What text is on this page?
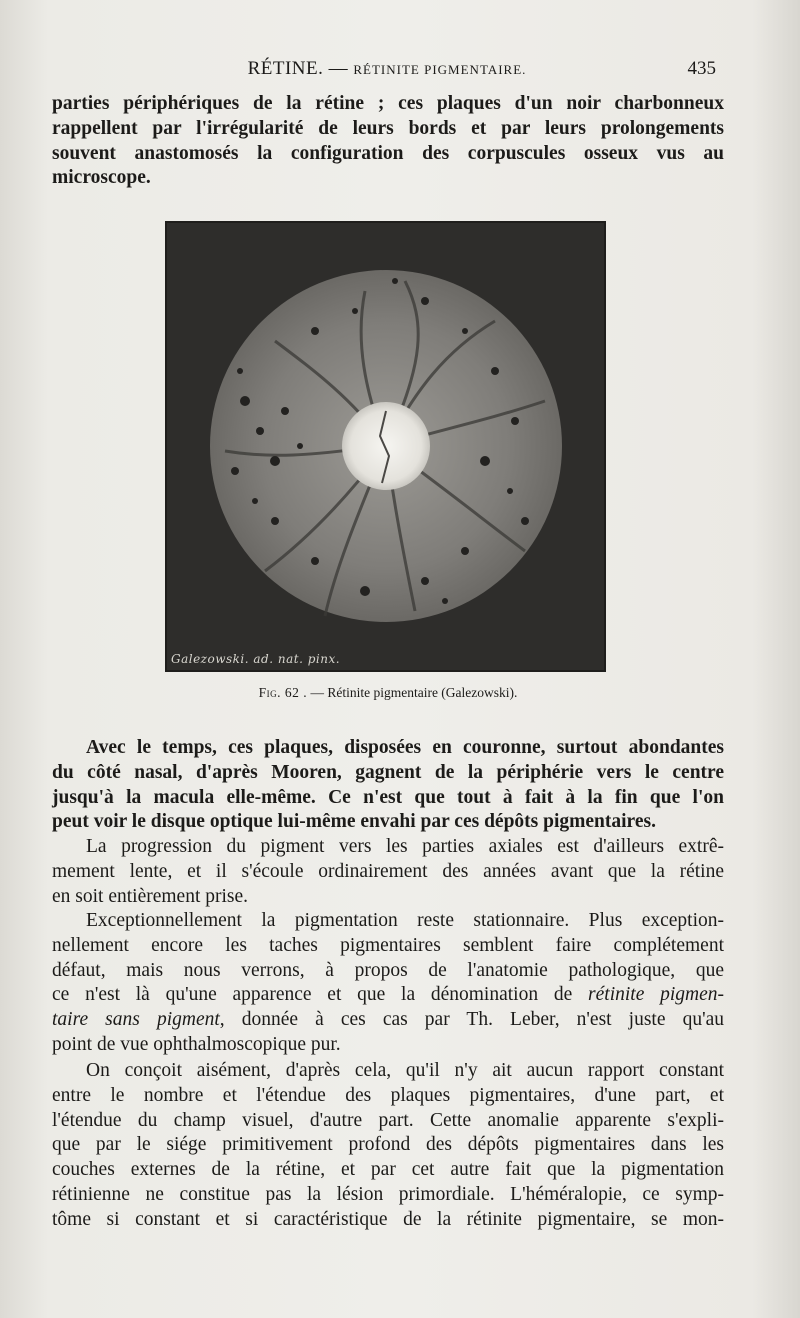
RÉTINE. — RÉTINITE PIGMENTAIRE.	435
parties périphériques de la rétine ; ces plaques d'un noir charbonneux
rappellent par l'irrégularité de leurs bords et par leurs prolongements
souvent anastomosés la configuration des corpuscules osseux vus au
microscope.
Galezowski. ad. nat. pinx.
Fig. 62 . — Rétinite pigmentaire (Galezowski).
Avec le temps, ces plaques, disposées en couronne, surtout abondantes
du côté nasal, d'après Mooren, gagnent de la périphérie vers le centre
jusqu'à la macula elle-même. Ce n'est que tout à fait à la fin que l'on
peut voir le disque optique lui-même envahi par ces dépôts pigmentaires.
La progression du pigment vers les parties axiales est d'ailleurs extrê-
mement lente, et il s'écoule ordinairement des années avant que la rétine
en soit entièrement prise.
Exceptionnellement la pigmentation reste stationnaire. Plus exception-
nellement encore les taches pigmentaires semblent faire complétement
défaut, mais nous verrons, à propos de l'anatomie pathologique, que
ce n'est là qu'une apparence et que la dénomination de rétinite pigmen-
taire sans pigment, donnée à ces cas par Th. Leber, n'est juste qu'au
point de vue ophthalmoscopique pur.
On conçoit aisément, d'après cela, qu'il n'y ait aucun rapport constant
entre le nombre et l'étendue des plaques pigmentaires, d'une part, et
l'étendue du champ visuel, d'autre part. Cette anomalie apparente s'expli-
que par le siége primitivement profond des dépôts pigmentaires dans les
couches externes de la rétine, et par cet autre fait que la pigmentation
rétinienne ne constitue pas la lésion primordiale. L'héméralopie, ce symp-
tôme si constant et si caractéristique de la rétinite pigmentaire, se mon-
